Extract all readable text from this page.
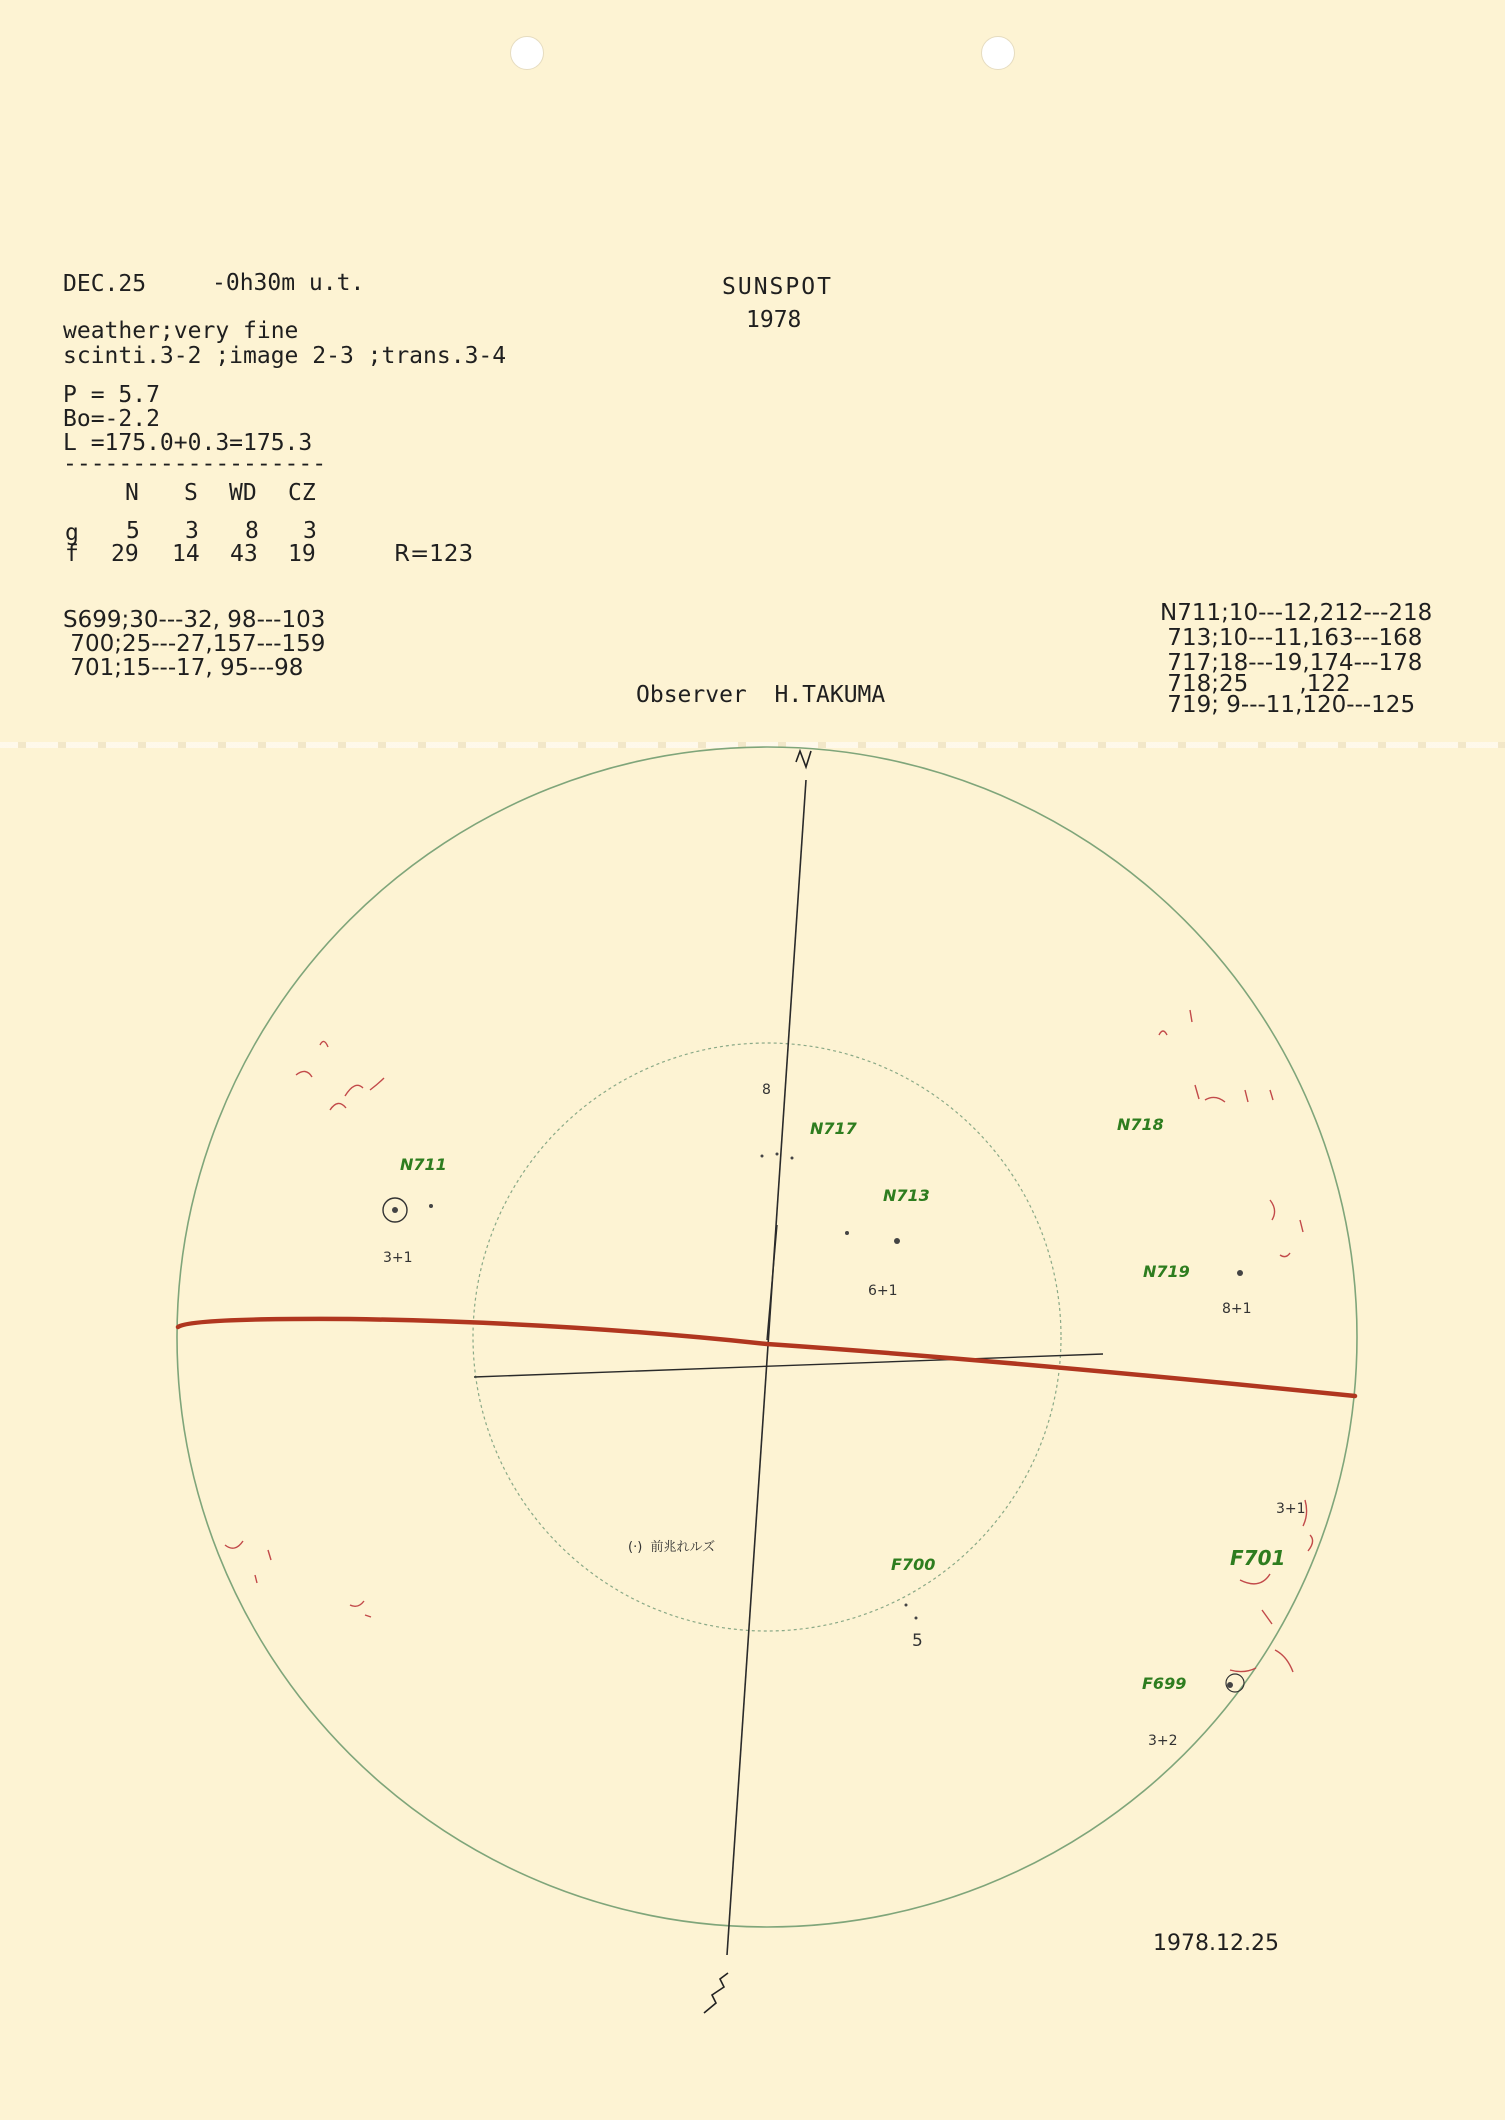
DEC.25	-0h30m u.t.	SUNSPOT
1978
weather;very fine
scinti.3-2 ;image 2-3 ;trans.3-4
P = 5.7
Bo=-2.2
L =175.0+0.3=175.3
-------------------
N S WD CZ
g 5 3 8 3
f 29 14 43 19	R=123
S699;30---32, 98---103
700;25---27,157---159
701;15---17, 95---98
N711;10---12,212---218
713;10---11,163---168
717;18---19,174---178
718;25       ,122
719; 9---11,120---125
Observer  H.TAKUMA
N711
3+1
N717
8
N713
6+1
N718
N719
8+1
F700
5
F701
3+1
F699
3+2
(·)  前兆れルズ
1978.12.25
